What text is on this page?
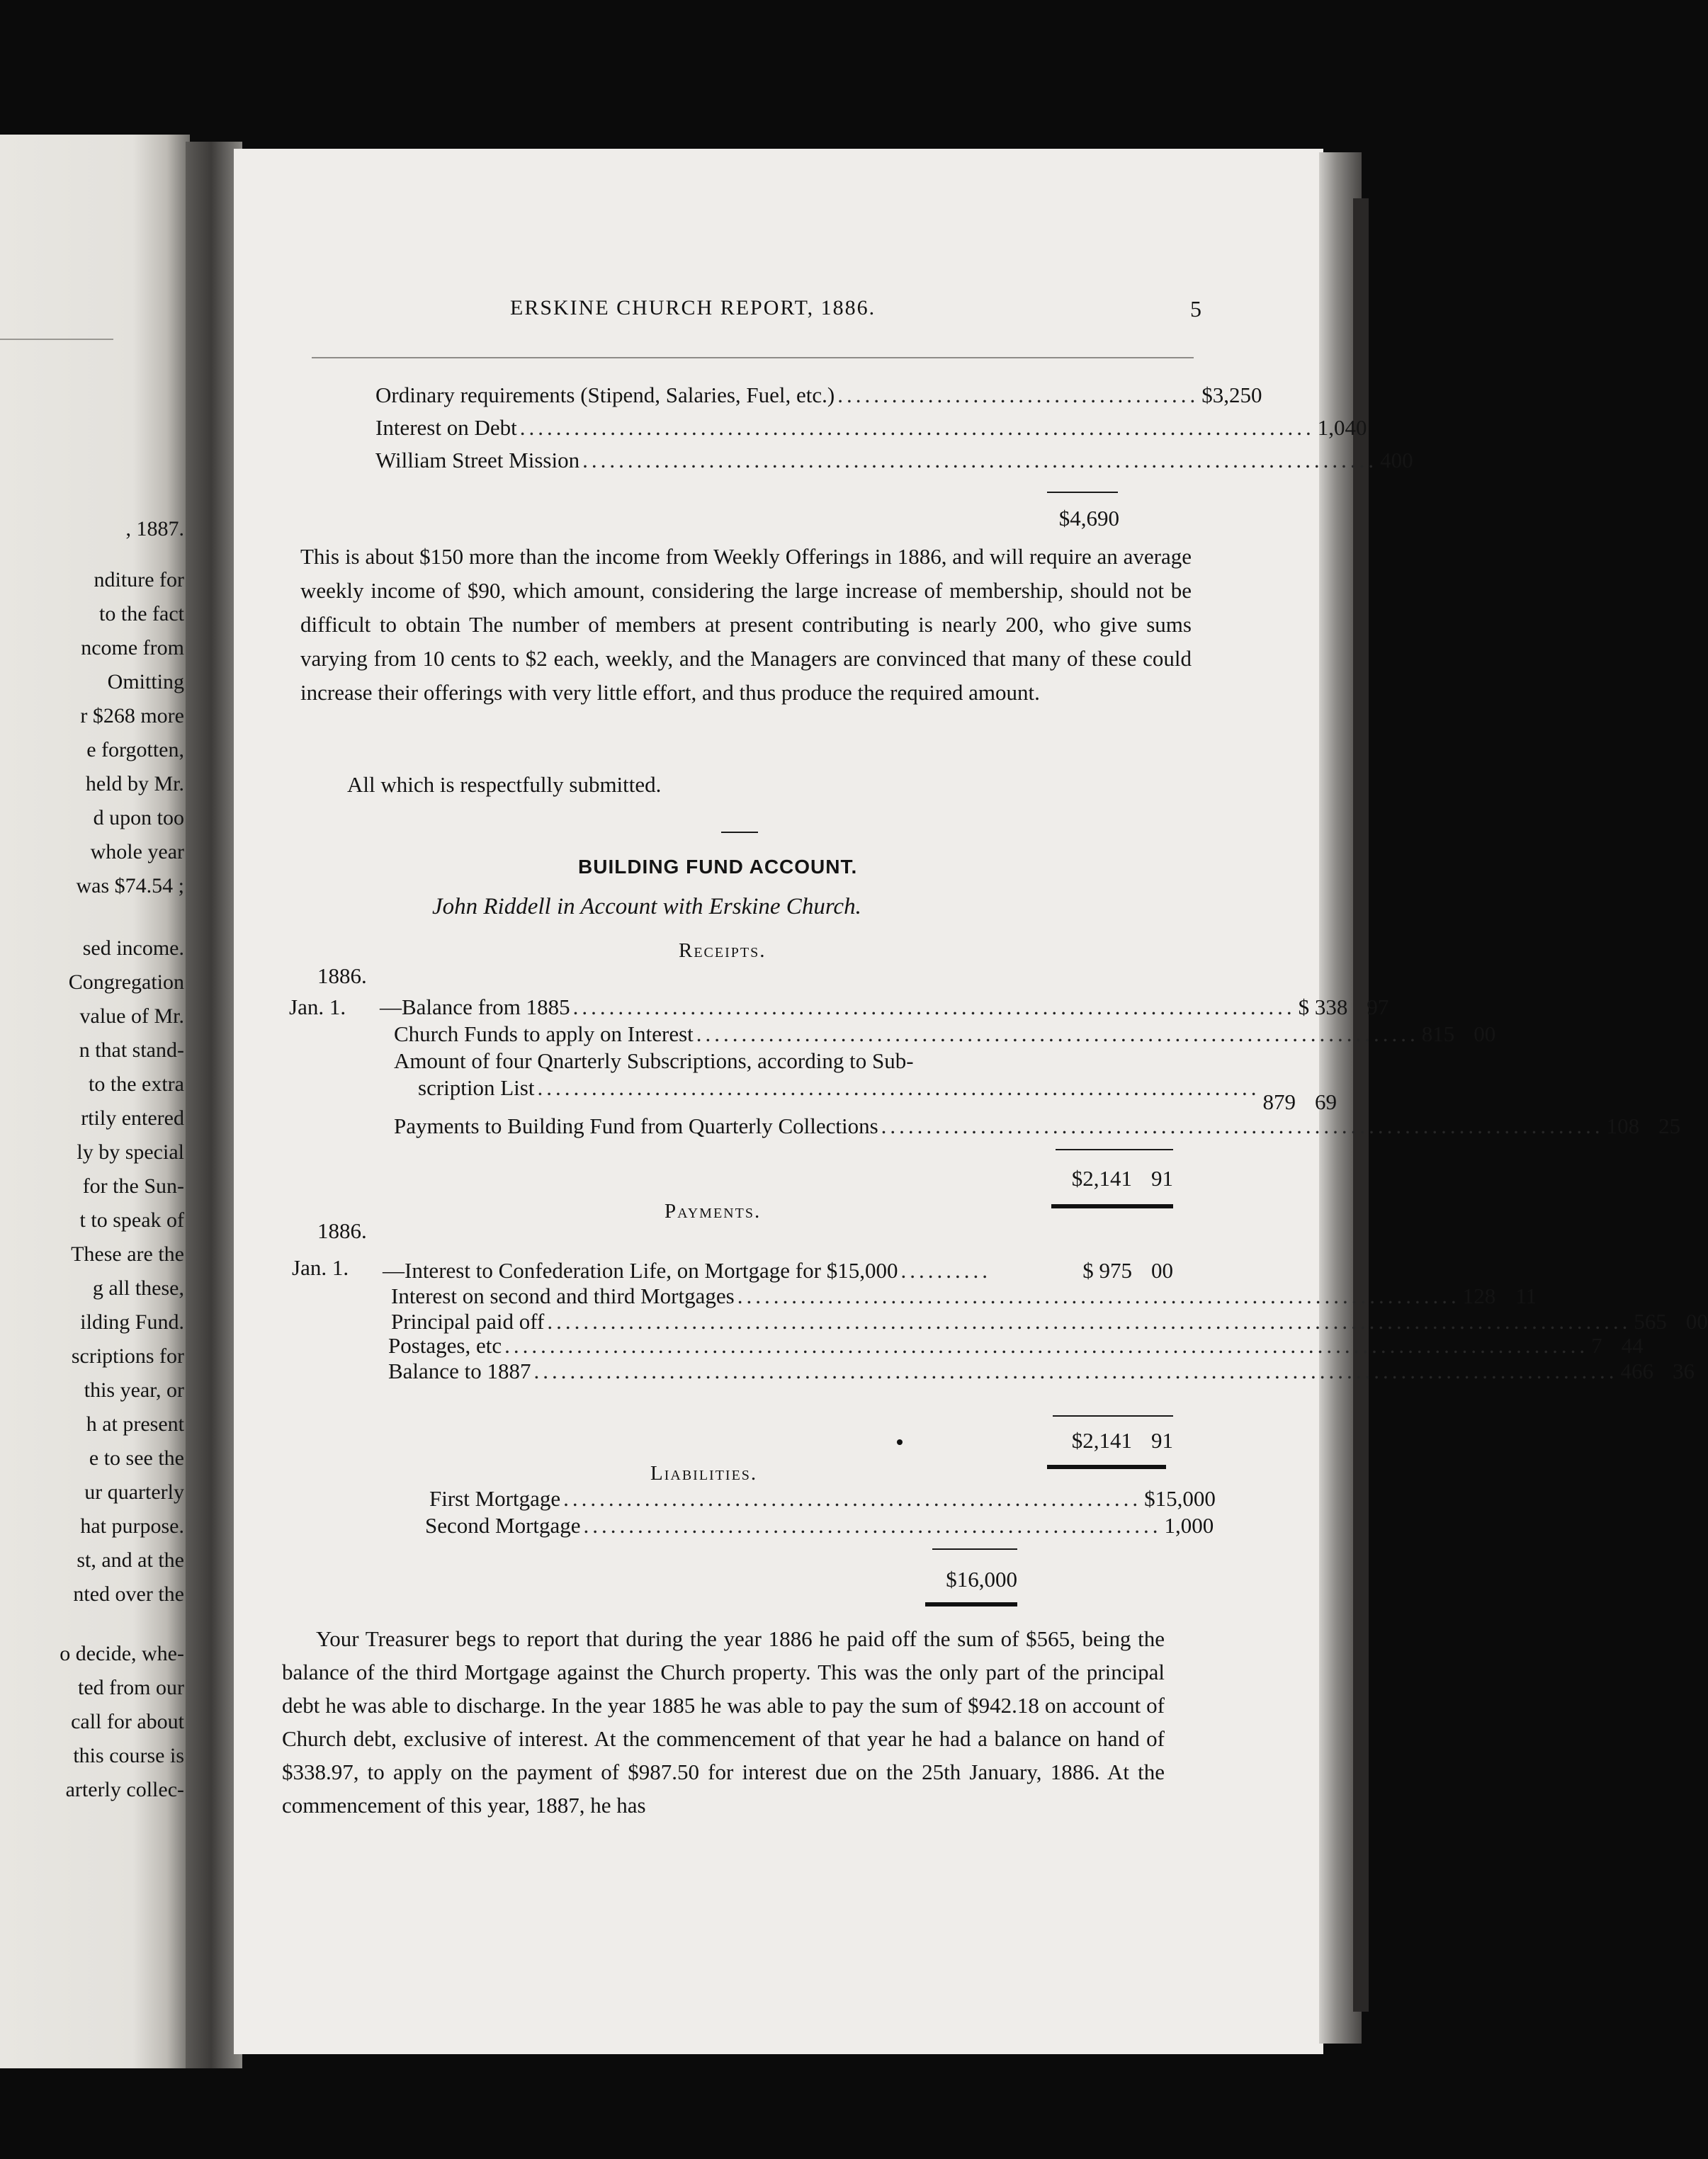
, 1887.
nditure for
to the fact
ncome from
Omitting
r $268 more
e forgotten,
held by Mr.
d upon too
whole year
was $74.54 ;
sed income.
Congregation
value of Mr.
n that stand-
to the extra
rtily entered
ly by special
for the Sun-
t to speak of
These are the
g all these,
ilding Fund.
scriptions for
this year, or
h at present
e to see the
ur quarterly
hat purpose.
st, and at the
nted over the
o decide, whe-
ted from our
call for about
this course is
arterly collec-
ERSKINE CHURCH REPORT, 1886.	5
Ordinary requirements (Stipend, Salaries, Fuel, etc.) ........................................ $3,250
Interest on Debt ........................................................................................ 1,040
William Street Mission ........................................................................................ 400
$4,690

This is about $150 more than the income from Weekly Offerings in 1886, and will require an average weekly income of $90, which amount, considering the large increase of membership, should not be difficult to obtain The number of members at present contributing is nearly 200, who give sums varying from 10 cents to $2 each, weekly, and the Managers are convinced that many of these could increase their offerings with very little effort, and thus produce the required amount.

All which is respectfully submitted.
BUILDING FUND ACCOUNT.
John Riddell in Account with Erskine Church.
Receipts.
1886.
Jan. 1. —Balance from 1885 ................................................................................ $ 338 97
Church Funds to apply on Interest ................................................................................ 815 00
Amount of four Qnarterly Subscriptions, according to Sub-
scription List ................................................................................
879 69
Payments to Building Fund from Quarterly Collections ................................................................................ 108 25
$2,141 91
Payments.
1886.
Jan. 1. —Interest to Confederation Life, on Mortgage for $15,000 ..........	$ 975 00
Interest on second and third Mortgages ................................................................................ 128 11
Principal paid off ........................................................................................................................ 565 00
Postages, etc ........................................................................................................................ 7 44
Balance to 1887 ........................................................................................................................ 466 36
$2,141 91
Liabilities.
First Mortgage ................................................................ $15,000
Second Mortgage ................................................................ 1,000
$16,000

Your Treasurer begs to report that during the year 1886 he paid off the sum of $565, being the balance of the third Mortgage against the Church property. This was the only part of the principal debt he was able to discharge. In the year 1885 he was able to pay the sum of $942.18 on account of Church debt, exclusive of interest. At the commencement of that year he had a balance on hand of $338.97, to apply on the payment of $987.50 for interest due on the 25th January, 1886. At the commencement of this year, 1887, he has
